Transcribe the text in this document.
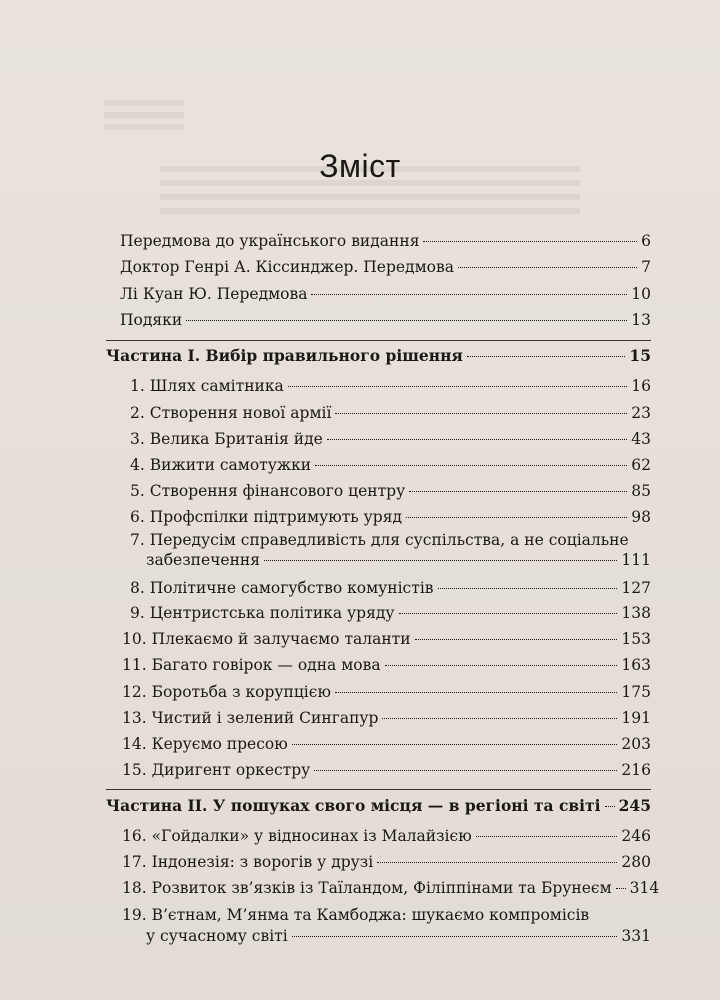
Зміст
Передмова до українського видання	6
Доктор Генрі А. Кіссинджер. Передмова	7
Лі Куан Ю. Передмова	10
Подяки	13
Частина I. Вибір правильного рішення	15
1. Шлях самітника	16
2. Створення нової армії	23
3. Велика Британія йде	43
4. Вижити самотужки	62
5. Створення фінансового центру	85
6. Профспілки підтримують уряд	98
7. Передусім справедливість для суспільства, а не соціальне
забезпечення	111
8. Політичне самогубство комуністів	127
9. Центристська політика уряду	138
10. Плекаємо й залучаємо таланти	153
11. Багато говірок — одна мова	163
12. Боротьба з корупцією	175
13. Чистий і зелений Сингапур	191
14. Керуємо пресою	203
15. Диригент оркестру	216
Частина II. У пошуках свого місця — в регіоні та світі 245
16. «Гойдалки» у відносинах із Малайзією	246
17. Індонезія: з ворогів у друзі	280
18. Розвиток зв’язків із Таїландом, Філіппінами та Брунеєм 314
19. В’єтнам, М’янма та Камбоджа: шукаємо компромісів
у сучасному світі	331
